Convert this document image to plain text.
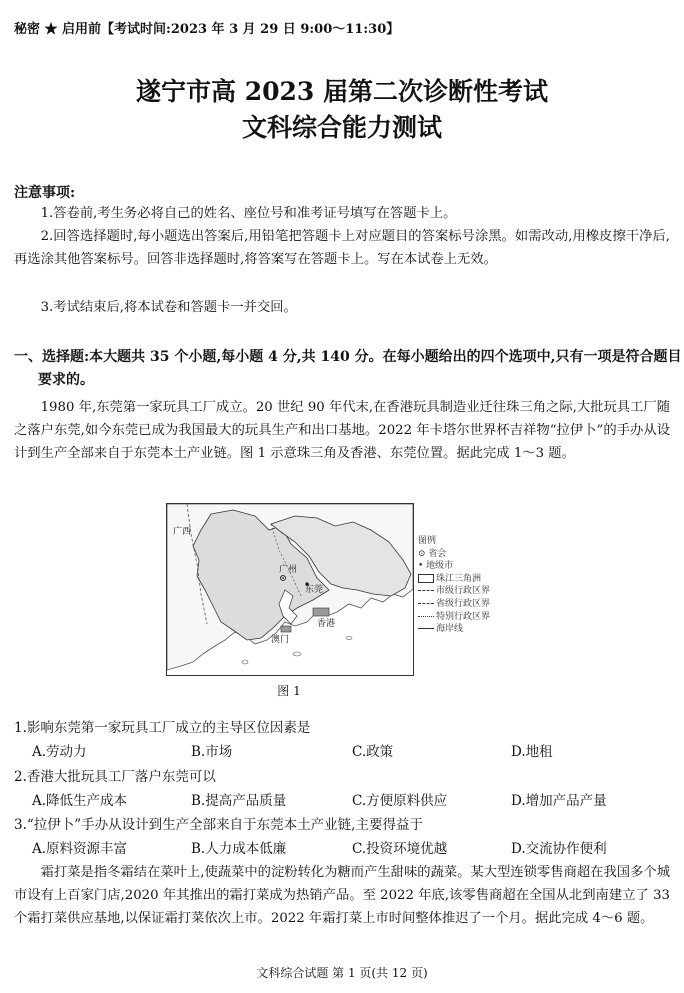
秘密 ★ 启用前【考试时间:2023 年 3 月 29 日 9:00～11:30】
遂宁市高 2023 届第二次诊断性考试
文科综合能力测试
注意事项:
1.答卷前,考生务必将自己的姓名、座位号和准考证号填写在答题卡上。
2.回答选择题时,每小题选出答案后,用铅笔把答题卡上对应题目的答案标号涂黑。如需改动,用橡皮擦干净后,再选涂其他答案标号。回答非选择题时,将答案写在答题卡上。写在本试卷上无效。
3.考试结束后,将本试卷和答题卡一并交回。
一、选择题:本大题共 35 个小题,每小题 4 分,共 140 分。在每小题给出的四个选项中,只有一项是符合题目要求的。
1980 年,东莞第一家玩具工厂成立。20 世纪 90 年代末,在香港玩具制造业迁往珠三角之际,大批玩具工厂随之落户东莞,如今东莞已成为我国最大的玩具生产和出口基地。2022 年卡塔尔世界杯吉祥物“拉伊卜”的手办从设计到生产全部来自于东莞本土产业链。图 1 示意珠三角及香港、东莞位置。据此完成 1～3 题。
广西
广州
东莞
香港
澳门
图例
⊙ 省会
• 地级市
珠江三角洲
市级行政区界
省级行政区界
特别行政区界
海岸线
图 1
1.影响东莞第一家玩具工厂成立的主导区位因素是
A.劳动力	B.市场	C.政策	D.地租
2.香港大批玩具工厂落户东莞可以
A.降低生产成本	B.提高产品质量	C.方便原料供应	D.增加产品产量
3.“拉伊卜”手办从设计到生产全部来自于东莞本土产业链,主要得益于
A.原料资源丰富	B.人力成本低廉	C.投资环境优越	D.交流协作便利
霜打菜是指冬霜结在菜叶上,使蔬菜中的淀粉转化为糖而产生甜味的蔬菜。某大型连锁零售商超在我国多个城市设有上百家门店,2020 年其推出的霜打菜成为热销产品。至 2022 年底,该零售商超在全国从北到南建立了 33 个霜打菜供应基地,以保证霜打菜依次上市。2022 年霜打菜上市时间整体推迟了一个月。据此完成 4～6 题。
文科综合试题 第 1 页(共 12 页)
